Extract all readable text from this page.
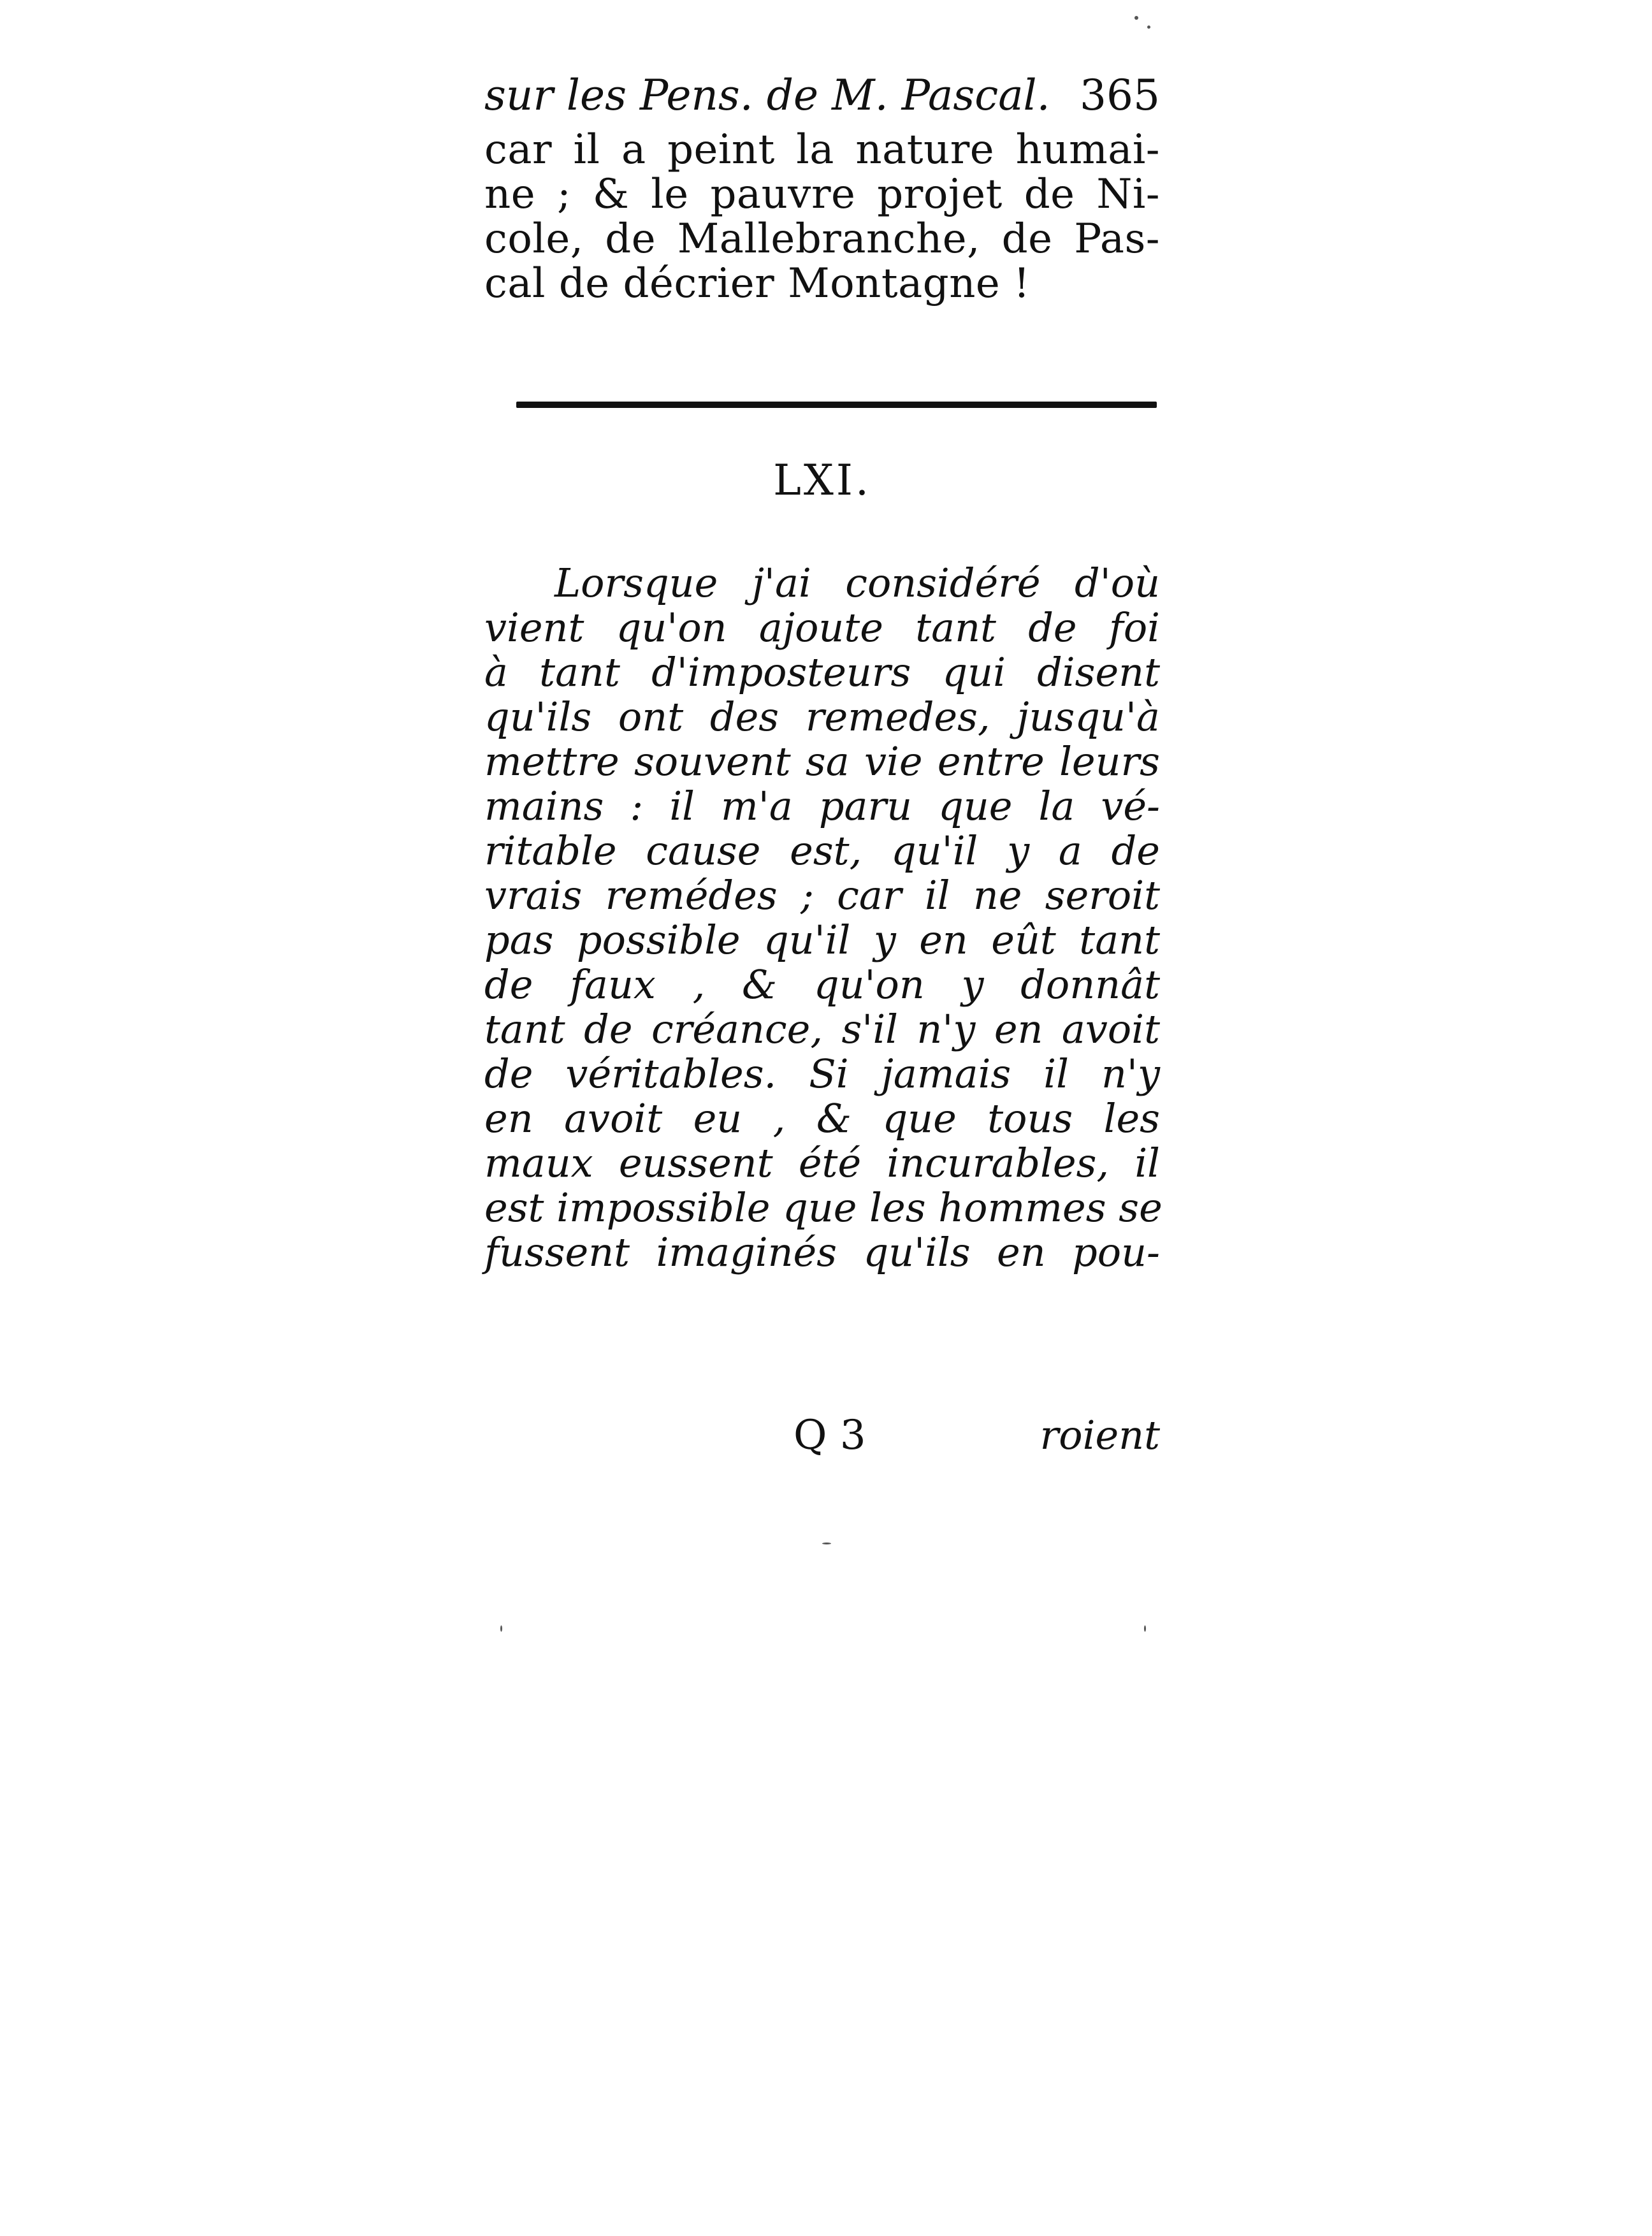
sur les Pens. de M. Pascal. 365
car il a peint la nature humai-
ne ; & le pauvre projet de Ni-
cole, de Mallebranche, de Pas-
cal de décrier Montagne !
LXI.
Lorsque j'ai considéré d'où
vient qu'on ajoute tant de foi
à tant d'imposteurs qui disent
qu'ils ont des remedes, jusqu'à
mettre souvent sa vie entre leurs
mains : il m'a paru que la vé-
ritable cause est, qu'il y a de
vrais remédes ; car il ne seroit
pas possible qu'il y en eût tant
de faux , & qu'on y donnât
tant de créance, s'il n'y en avoit
de véritables. Si jamais il n'y
en avoit eu , & que tous les
maux eussent été incurables, il
est impossible que les hommes se
fussent imaginés qu'ils en pou-
Q 3	roient
